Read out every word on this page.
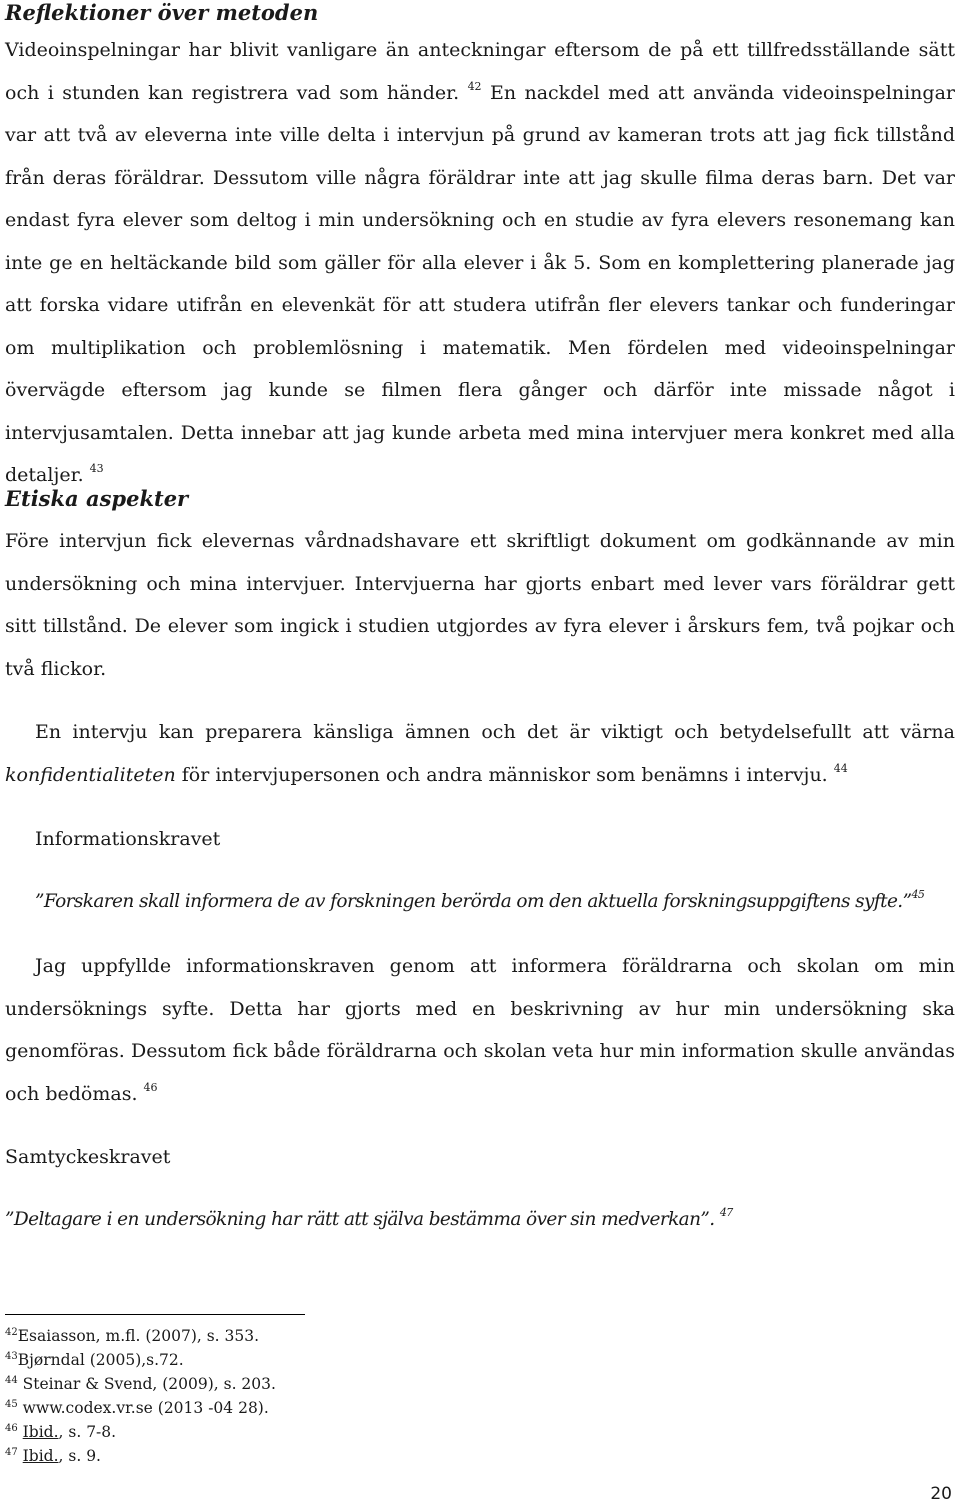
Reflektioner över metoden

Videoinspelningar har blivit vanligare än anteckningar eftersom de på ett tillfredsställande sätt och i stunden kan registrera vad som händer. $^{42}$ En nackdel med att använda videoinspelningar var att två av eleverna inte ville delta i intervjun på grund av kameran trots att jag fick tillstånd från deras föräldrar. Dessutom ville några föräldrar inte att jag skulle filma deras barn. Det var endast fyra elever som deltog i min undersökning och en studie av fyra elevers resonemang kan inte ge en heltäckande bild som gäller för alla elever i åk 5. Som en komplettering planerade jag att forska vidare utifrån en elevenkät för att studera utifrån fler elevers tankar och funderingar om multiplikation och problemlösning i matematik. Men fördelen med videoinspelningar övervägde eftersom jag kunde se filmen flera gånger och därför inte missade något i intervjusamtalen. Detta innebar att jag kunde arbeta med mina intervjuer mera konkret med alla detaljer. $^{43}$

Etiska aspekter

Före intervjun fick elevernas vårdnadshavare ett skriftligt dokument om godkännande av min undersökning och mina intervjuer. Intervjuerna har gjorts enbart med lever vars föräldrar gett sitt tillstånd. De elever som ingick i studien utgjordes av fyra elever i årskurs fem, två pojkar och två flickor.

En intervju kan preparera känsliga ämnen och det är viktigt och betydelsefullt att värna konfidentialiteten för intervjupersonen och andra människor som benämns i intervju. $^{44}$

Informationskravet

”Forskaren skall informera de av forskningen berörda om den aktuella forskningsuppgiftens syfte.”$^{45}$

Jag uppfyllde informationskraven genom att informera föräldrarna och skolan om min undersöknings syfte. Detta har gjorts med en beskrivning av hur min undersökning ska genomföras. Dessutom fick både föräldrarna och skolan veta hur min information skulle användas och bedömas. $^{46}$

Samtyckeskravet

”Deltagare i en undersökning har rätt att själva bestämma över sin medverkan”. $^{47}$

$^{42}$Esaiasson, m.fl. (2007), s. 353.

$^{43}$Bjørndal (2005),s.72.

$^{44}$ Steinar & Svend, (2009), s. 203.

$^{45}$ www.codex.vr.se (2013 -04 28).

$^{46}$ Ibid., s. 7-8.

$^{47}$ Ibid., s. 9.

20
